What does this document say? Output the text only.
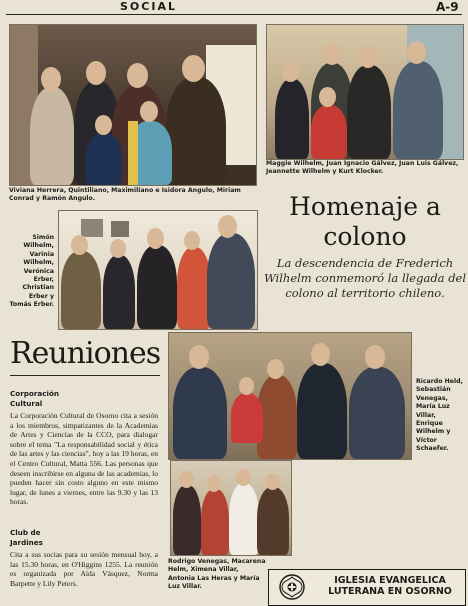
SOCIAL	A-9
Viviana Herrera, Quintiliano, Maximiliano e Isidora Angulo, Miriam Conrad y Ramón Angulo.
Maggie Wilhelm, Juan Ignacio Gálvez, Juan Luis Gálvez, Jeannette Wilhelm y Kurt Klocker.
Simón Wilhelm, Varinia Wilhelm, Verónica Erber, Christian Erber y Tomás Erber.
Homenaje a colono
La descendencia de Frederich Wilhelm conmemoró la llegada del colono al territorio chileno.
Reuniones
Corporación Cultural
La Corporación Cultural de Osorno cita a sesión a los miembros, simpatizantes de la Academias de Artes y Ciencias de la CCO, para dialogar sobre el tema "La responsabilidad social y ética de las artes y las ciencias", hoy a las 19 horas, en el Centro Cultural, Matta 556. Las personas que deseen inscribirse en alguna de las academias, lo pueden hacer sin costo alguno en este mismo lugar, de lunes a viernes, entre las 9.30 y las 13 horas.
Club de Jardines
Cita a sus socias para su sesión mensual hoy, a las 15.30 horas, en O'Higgins 1255. La reunión es organizada por Aída Vásquez, Norma Barpette y Lily Peters.
Ricardo Held, Sebastián Venegas, María Luz Villar, Enrique Wilhelm y Víctor Schaefer.
Rodrigo Venegas, Macarena Helm, Ximena Villar, Antonia Las Heras y María Luz Villar.
IGLESIA EVANGELICA LUTERANA EN OSORNO
